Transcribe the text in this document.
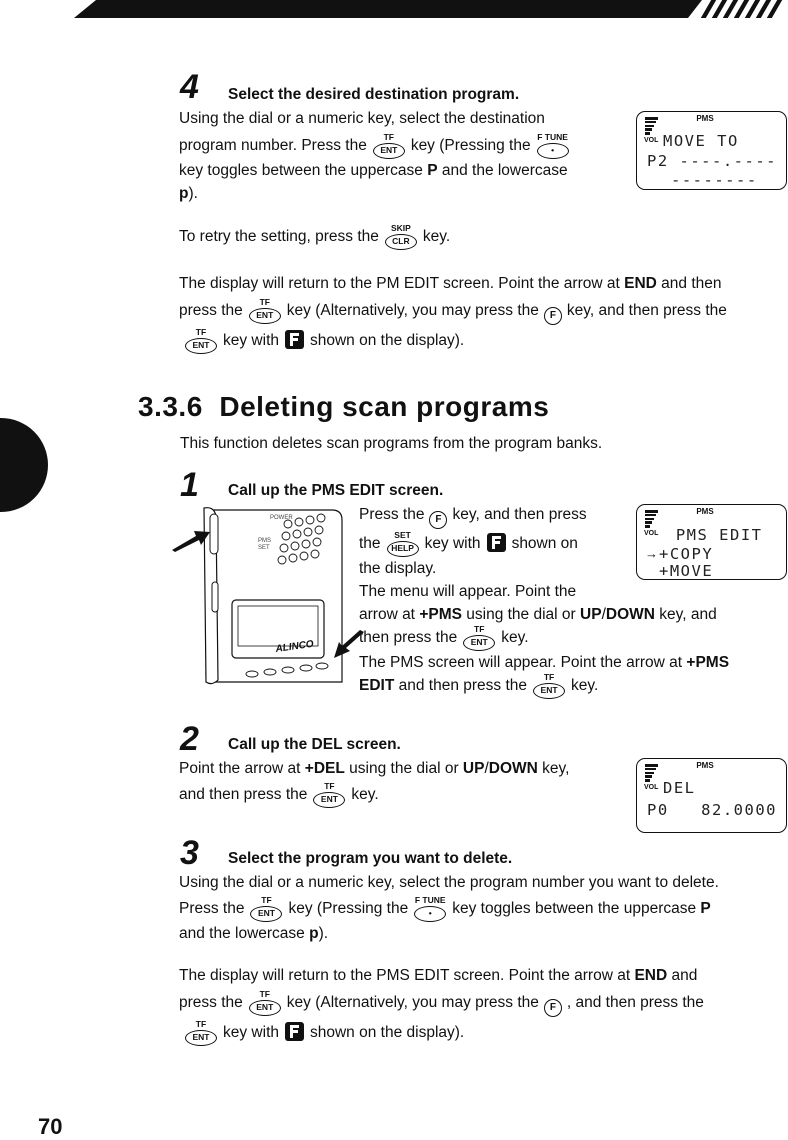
4 Select the desired destination program.
Using the dial or a numeric key, select the destination
program number. Press the	TF
ENT key (Pressing the F TUNE
•
key toggles between the uppercase P and the lowercase
p).
To retry the setting, press the	SKIP
CLR key.
The display will return to the PM EDIT screen. Point the arrow at END and then
press the	TF
ENT key (Alternatively, you may press the F key, and then press the
TF
ENT key with shown on the display).
PMS
VOL MOVE TO
P2 ----.----
--------
3.3.6 Deleting scan programs
This function deletes scan programs from the program banks.
1 Call up the PMS EDIT screen.
Press the F key, and then press
the	SET
HELP key with shown on
the display.
The menu will appear. Point the
arrow at +PMS using the dial or UP/DOWN key, and
then press the	TF
ENT key.
The PMS screen will appear. Point the arrow at +PMS
EDIT and then press the	TF
ENT key.
PMS
VOL PMS EDIT
→ +COPY
+MOVE
POWER
PMS
SET
ALINCO
2 Call up the DEL screen.
Point the arrow at +DEL using the dial or UP/DOWN key,
and then press the	TF
ENT key.
PMS
VOL DEL
P0   82.0000
3 Select the program you want to delete.
Using the dial or a numeric key, select the program number you want to delete.
Press the	TF
ENT key (Pressing the F TUNE
• key toggles between the uppercase P
and the lowercase p).
The display will return to the PMS EDIT screen. Point the arrow at END and
press the	TF
ENT key (Alternatively, you may press the F , and then press the
TF
ENT key with shown on the display).
70
